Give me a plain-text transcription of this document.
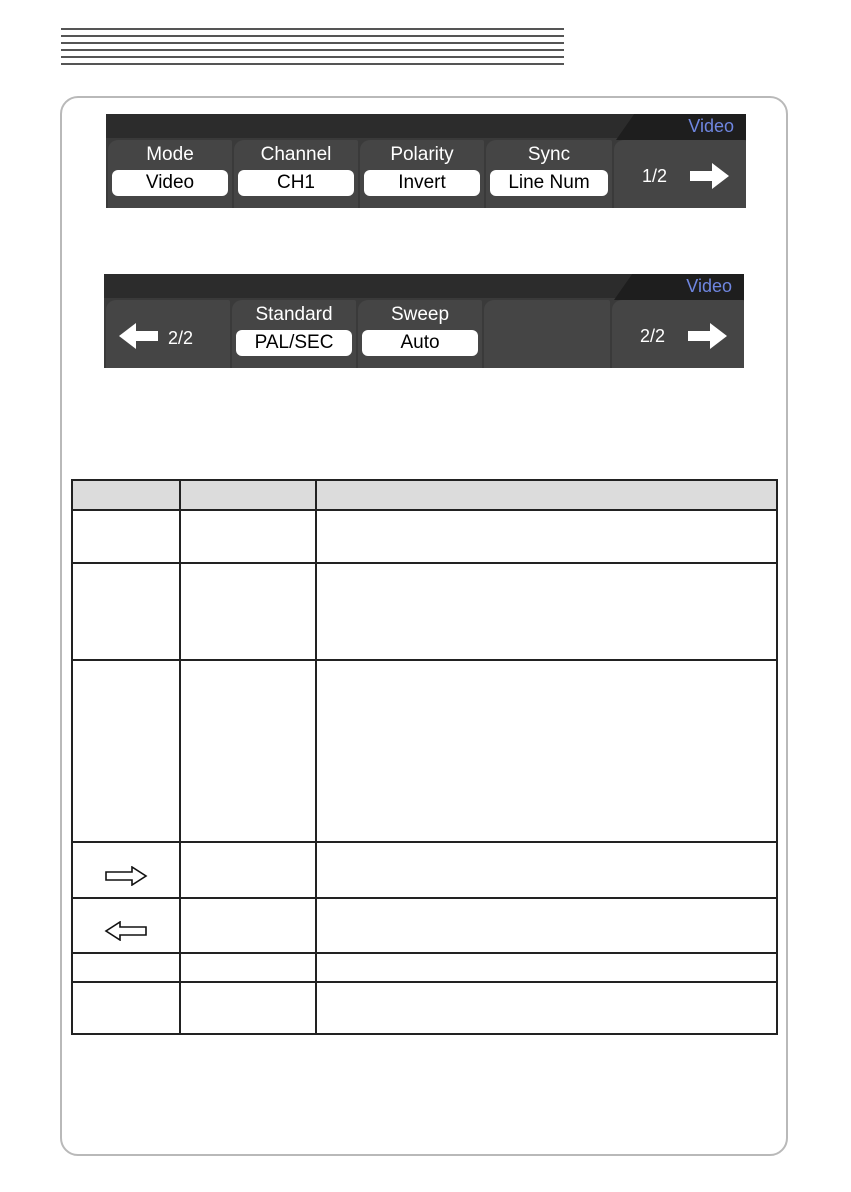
Video
Mode
Video
Channel
CH1
Polarity
Invert
Sync
Line Num	1/2
Video
2/2
Standard
PAL/SEC
Sweep
Auto	2/2
